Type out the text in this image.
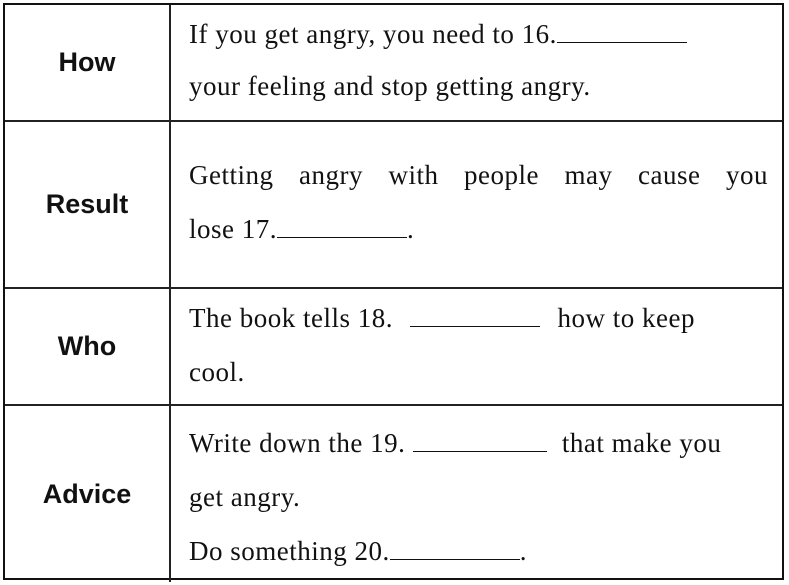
How
If you get angry, you need to 16.
your feeling and stop getting angry.
Result
Getting angry with people may cause you
lose 17.	.
Who
The book tells 18.	how to keep
cool.
Advice
Write down the 19.	that make you
get angry.
Do something 20.	.
